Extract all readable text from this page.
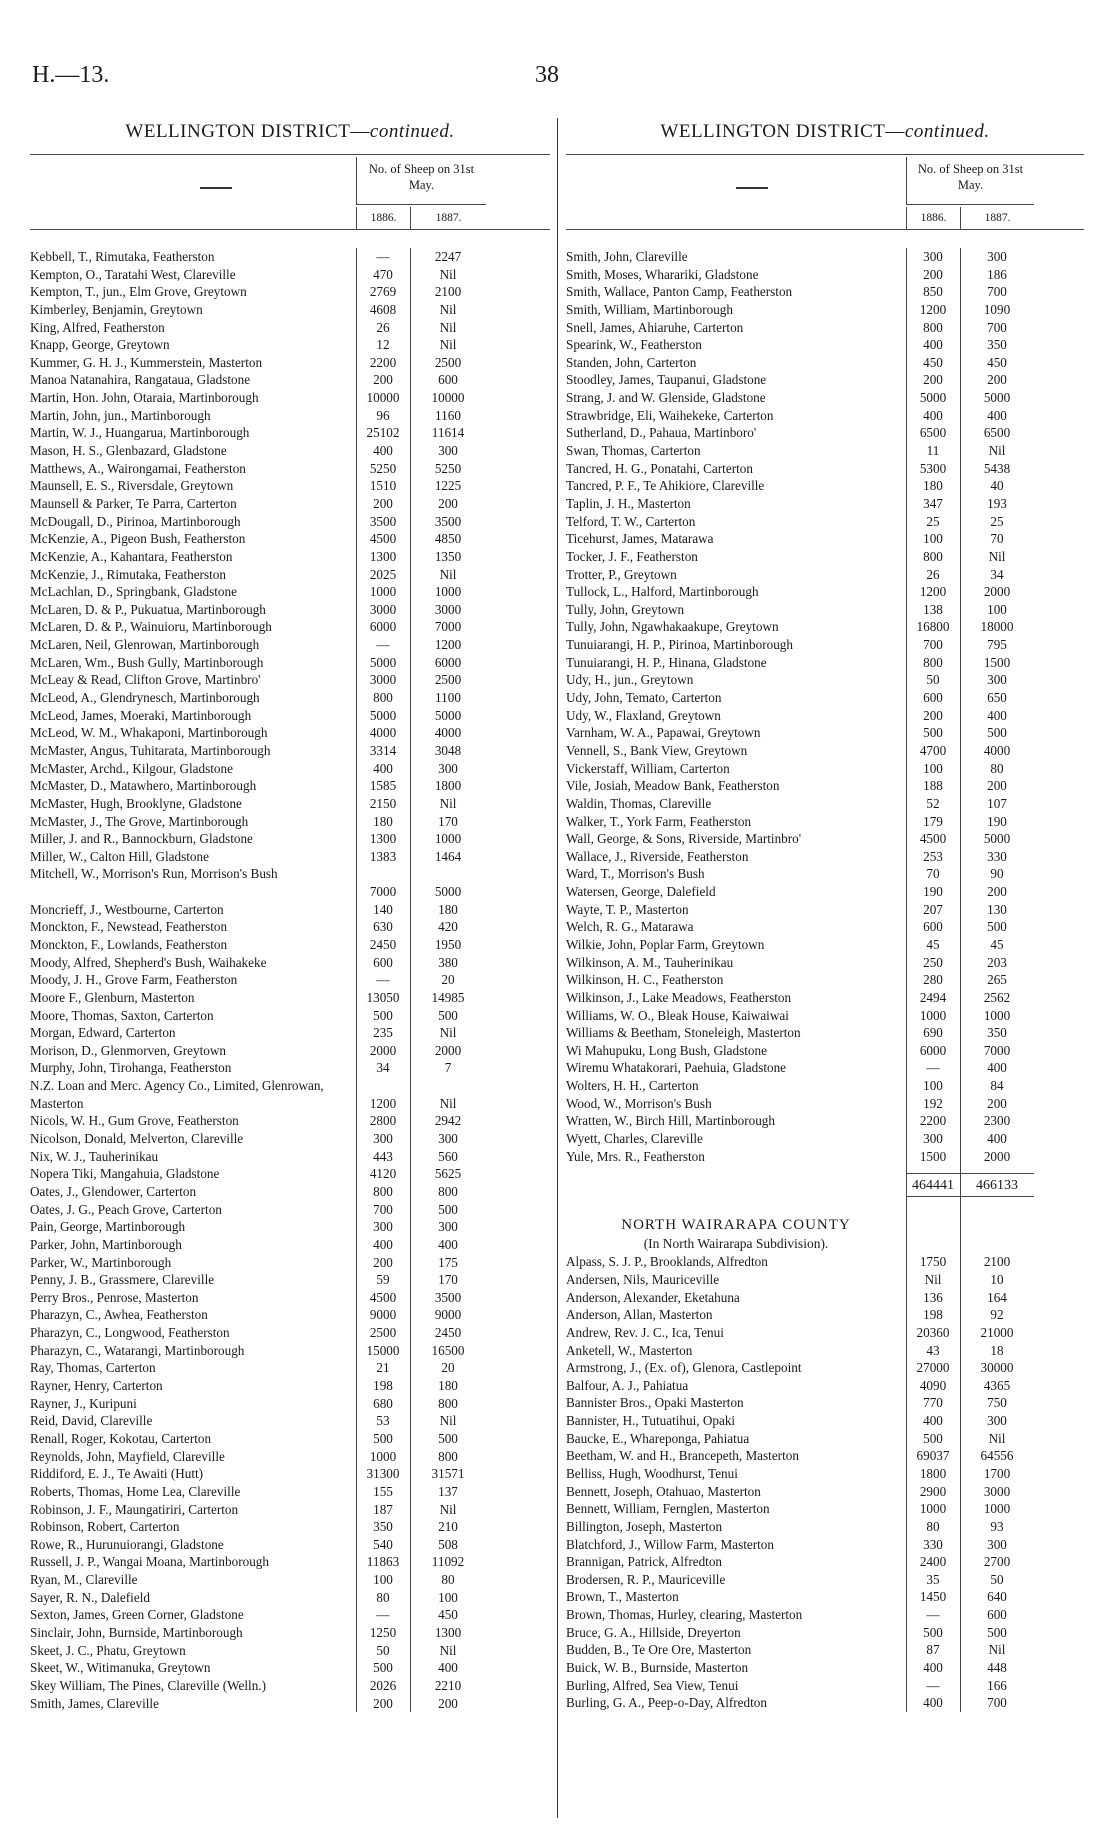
H.—13.	38
WELLINGTON DISTRICT—continued.
No. of Sheep on 31st May.
1886.	1887.
Kebbell, T., Rimutaka, Featherston	—	2247
Kempton, O., Taratahi West, Clareville	470	Nil
Kempton, T., jun., Elm Grove, Greytown	2769	2100
Kimberley, Benjamin, Greytown	4608	Nil
King, Alfred, Featherston	26	Nil
Knapp, George, Greytown	12	Nil
Kummer, G. H. J., Kummerstein, Masterton	2200	2500
Manoa Natanahira, Rangataua, Gladstone	200	600
Martin, Hon. John, Otaraia, Martinborough	10000	10000
Martin, John, jun., Martinborough	96	1160
Martin, W. J., Huangarua, Martinborough	25102	11614
Mason, H. S., Glenbazard, Gladstone	400	300
Matthews, A., Wairongamai, Featherston	5250	5250
Maunsell, E. S., Riversdale, Greytown	1510	1225
Maunsell & Parker, Te Parra, Carterton	200	200
McDougall, D., Pirinoa, Martinborough	3500	3500
McKenzie, A., Pigeon Bush, Featherston	4500	4850
McKenzie, A., Kahantara, Featherston	1300	1350
McKenzie, J., Rimutaka, Featherston	2025	Nil
McLachlan, D., Springbank, Gladstone	1000	1000
McLaren, D. & P., Pukuatua, Martinborough	3000	3000
McLaren, D. & P., Wainuioru, Martinborough	6000	7000
McLaren, Neil, Glenrowan, Martinborough	—	1200
McLaren, Wm., Bush Gully, Martinborough	5000	6000
McLeay & Read, Clifton Grove, Martinbro'	3000	2500
McLeod, A., Glendrynesch, Martinborough	800	1100
McLeod, James, Moeraki, Martinborough	5000	5000
McLeod, W. M., Whakaponi, Martinborough	4000	4000
McMaster, Angus, Tuhitarata, Martinborough	3314	3048
McMaster, Archd., Kilgour, Gladstone	400	300
McMaster, D., Matawhero, Martinborough	1585	1800
McMaster, Hugh, Brooklyne, Gladstone	2150	Nil
McMaster, J., The Grove, Martinborough	180	170
Miller, J. and R., Bannockburn, Gladstone	1300	1000
Miller, W., Calton Hill, Gladstone	1383	1464
Mitchell, W., Morrison's Run, Morrison's Bush
7000	5000
Moncrieff, J., Westbourne, Carterton	140	180
Monckton, F., Newstead, Featherston	630	420
Monckton, F., Lowlands, Featherston	2450	1950
Moody, Alfred, Shepherd's Bush, Waihakeke	600	380
Moody, J. H., Grove Farm, Featherston	—	20
Moore F., Glenburn, Masterton	13050	14985
Moore, Thomas, Saxton, Carterton	500	500
Morgan, Edward, Carterton	235	Nil
Morison, D., Glenmorven, Greytown	2000	2000
Murphy, John, Tirohanga, Featherston	34	7
N.Z. Loan and Merc. Agency Co., Limited, Glenrowan, Masterton	1200	Nil
Nicols, W. H., Gum Grove, Featherston	2800	2942
Nicolson, Donald, Melverton, Clareville	300	300
Nix, W. J., Tauherinikau	443	560
Nopera Tiki, Mangahuia, Gladstone	4120	5625
Oates, J., Glendower, Carterton	800	800
Oates, J. G., Peach Grove, Carterton	700	500
Pain, George, Martinborough	300	300
Parker, John, Martinborough	400	400
Parker, W., Martinborough	200	175
Penny, J. B., Grassmere, Clareville	59	170
Perry Bros., Penrose, Masterton	4500	3500
Pharazyn, C., Awhea, Featherston	9000	9000
Pharazyn, C., Longwood, Featherston	2500	2450
Pharazyn, C., Watarangi, Martinborough	15000	16500
Ray, Thomas, Carterton	21	20
Rayner, Henry, Carterton	198	180
Rayner, J., Kuripuni	680	800
Reid, David, Clareville	53	Nil
Renall, Roger, Kokotau, Carterton	500	500
Reynolds, John, Mayfield, Clareville	1000	800
Riddiford, E. J., Te Awaiti (Hutt)	31300	31571
Roberts, Thomas, Home Lea, Clareville	155	137
Robinson, J. F., Maungatiriri, Carterton	187	Nil
Robinson, Robert, Carterton	350	210
Rowe, R., Hurunuiorangi, Gladstone	540	508
Russell, J. P., Wangai Moana, Martinborough	11863	11092
Ryan, M., Clareville	100	80
Sayer, R. N., Dalefield	80	100
Sexton, James, Green Corner, Gladstone	—	450
Sinclair, John, Burnside, Martinborough	1250	1300
Skeet, J. C., Phatu, Greytown	50	Nil
Skeet, W., Witimanuka, Greytown	500	400
Skey William, The Pines, Clareville (Welln.)	2026	2210
Smith, James, Clareville	200	200
WELLINGTON DISTRICT—continued.
No. of Sheep on 31st May.
1886.	1887.
Smith, John, Clareville	300	300
Smith, Moses, Wharariki, Gladstone	200	186
Smith, Wallace, Panton Camp, Featherston	850	700
Smith, William, Martinborough	1200	1090
Snell, James, Ahiaruhe, Carterton	800	700
Spearink, W., Featherston	400	350
Standen, John, Carterton	450	450
Stoodley, James, Taupanui, Gladstone	200	200
Strang, J. and W. Glenside, Gladstone	5000	5000
Strawbridge, Eli, Waihekeke, Carterton	400	400
Sutherland, D., Pahaua, Martinboro'	6500	6500
Swan, Thomas, Carterton	11	Nil
Tancred, H. G., Ponatahi, Carterton	5300	5438
Tancred, P. F., Te Ahikiore, Clareville	180	40
Taplin, J. H., Masterton	347	193
Telford, T. W., Carterton	25	25
Ticehurst, James, Matarawa	100	70
Tocker, J. F., Featherston	800	Nil
Trotter, P., Greytown	26	34
Tullock, L., Halford, Martinborough	1200	2000
Tully, John, Greytown	138	100
Tully, John, Ngawhakaakupe, Greytown	16800	18000
Tunuiarangi, H. P., Pirinoa, Martinborough	700	795
Tunuiarangi, H. P., Hinana, Gladstone	800	1500
Udy, H., jun., Greytown	50	300
Udy, John, Temato, Carterton	600	650
Udy, W., Flaxland, Greytown	200	400
Varnham, W. A., Papawai, Greytown	500	500
Vennell, S., Bank View, Greytown	4700	4000
Vickerstaff, William, Carterton	100	80
Vile, Josiah, Meadow Bank, Featherston	188	200
Waldin, Thomas, Clareville	52	107
Walker, T., York Farm, Featherston	179	190
Wall, George, & Sons, Riverside, Martinbro'	4500	5000
Wallace, J., Riverside, Featherston	253	330
Ward, T., Morrison's Bush	70	90
Watersen, George, Dalefield	190	200
Wayte, T. P., Masterton	207	130
Welch, R. G., Matarawa	600	500
Wilkie, John, Poplar Farm, Greytown	45	45
Wilkinson, A. M., Tauherinikau	250	203
Wilkinson, H. C., Featherston	280	265
Wilkinson, J., Lake Meadows, Featherston	2494	2562
Williams, W. O., Bleak House, Kaiwaiwai	1000	1000
Williams & Beetham, Stoneleigh, Masterton	690	350
Wi Mahupuku, Long Bush, Gladstone	6000	7000
Wiremu Whatakorari, Paehuia, Gladstone	—	400
Wolters, H. H., Carterton	100	84
Wood, W., Morrison's Bush	192	200
Wratten, W., Birch Hill, Martinborough	2200	2300
Wyett, Charles, Clareville	300	400
Yule, Mrs. R., Featherston	1500	2000
464441	466133
NORTH WAIRARAPA COUNTY
(In North Wairarapa Subdivision).
Alpass, S. J. P., Brooklands, Alfredton	1750	2100
Andersen, Nils, Mauriceville	Nil	10
Anderson, Alexander, Eketahuna	136	164
Anderson, Allan, Masterton	198	92
Andrew, Rev. J. C., Ica, Tenui	20360	21000
Anketell, W., Masterton	43	18
Armstrong, J., (Ex. of), Glenora, Castlepoint	27000	30000
Balfour, A. J., Pahiatua	4090	4365
Bannister Bros., Opaki Masterton	770	750
Bannister, H., Tutuatihui, Opaki	400	300
Baucke, E., Whareponga, Pahiatua	500	Nil
Beetham, W. and H., Brancepeth, Masterton	69037	64556
Belliss, Hugh, Woodhurst, Tenui	1800	1700
Bennett, Joseph, Otahuao, Masterton	2900	3000
Bennett, William, Fernglen, Masterton	1000	1000
Billington, Joseph, Masterton	80	93
Blatchford, J., Willow Farm, Masterton	330	300
Brannigan, Patrick, Alfredton	2400	2700
Brodersen, R. P., Mauriceville	35	50
Brown, T., Masterton	1450	640
Brown, Thomas, Hurley, clearing, Masterton	—	600
Bruce, G. A., Hillside, Dreyerton	500	500
Budden, B., Te Ore Ore, Masterton	87	Nil
Buick, W. B., Burnside, Masterton	400	448
Burling, Alfred, Sea View, Tenui	—	166
Burling, G. A., Peep-o-Day, Alfredton	400	700
